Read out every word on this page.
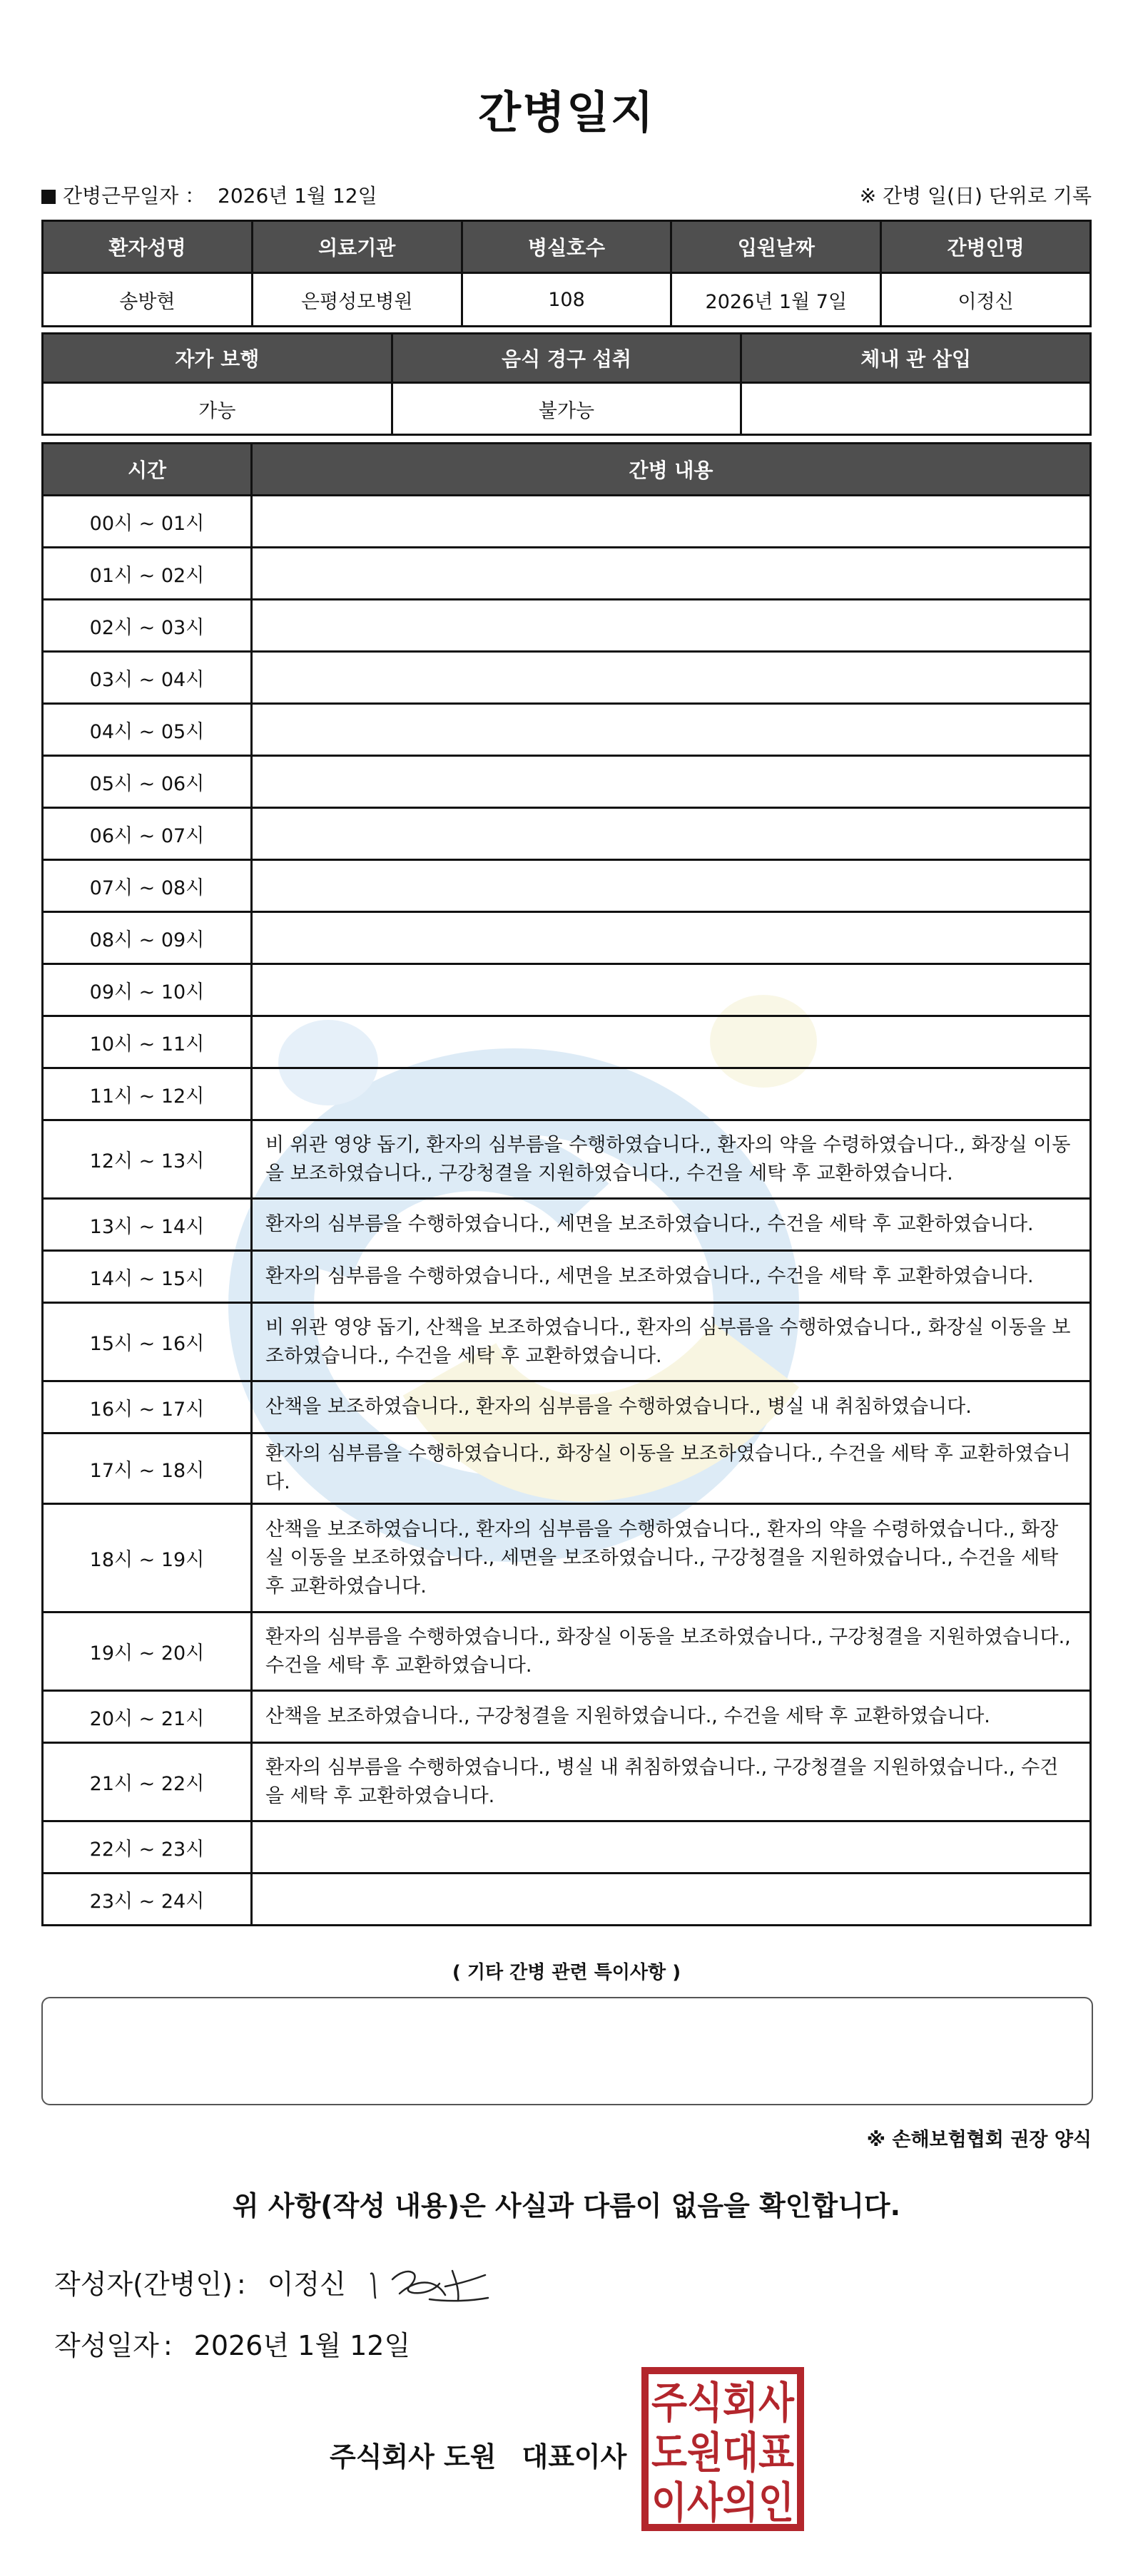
간병일지
간병근무일자 ： 2026년 1월 12일	※ 간병 일(日) 단위로 기록
환자성명	의료기관	병실호수	입원날짜	간병인명
송방현	은평성모병원	108	2026년 1월 7일	이정신
자가 보행	음식 경구 섭취	체내 관 삽입
가능	불가능	
시간	간병 내용
00시 ~ 01시	
01시 ~ 02시	
02시 ~ 03시	
03시 ~ 04시	
04시 ~ 05시	
05시 ~ 06시	
06시 ~ 07시	
07시 ~ 08시	
08시 ~ 09시	
09시 ~ 10시	
10시 ~ 11시	
11시 ~ 12시	
12시 ~ 13시	비 위관 영양 돕기, 환자의 심부름을 수행하였습니다., 환자의 약을 수령하였습니다., 화장실 이동을 보조하였습니다., 구강청결을 지원하였습니다., 수건을 세탁 후 교환하였습니다.
13시 ~ 14시	환자의 심부름을 수행하였습니다., 세면을 보조하였습니다., 수건을 세탁 후 교환하였습니다.
14시 ~ 15시	환자의 심부름을 수행하였습니다., 세면을 보조하였습니다., 수건을 세탁 후 교환하였습니다.
15시 ~ 16시	비 위관 영양 돕기, 산책을 보조하였습니다., 환자의 심부름을 수행하였습니다., 화장실 이동을 보조하였습니다., 수건을 세탁 후 교환하였습니다.
16시 ~ 17시	산책을 보조하였습니다., 환자의 심부름을 수행하였습니다., 병실 내 취침하였습니다.
17시 ~ 18시	환자의 심부름을 수행하였습니다., 화장실 이동을 보조하였습니다., 수건을 세탁 후 교환하였습니다.
18시 ~ 19시	산책을 보조하였습니다., 환자의 심부름을 수행하였습니다., 환자의 약을 수령하였습니다., 화장실 이동을 보조하였습니다., 세면을 보조하였습니다., 구강청결을 지원하였습니다., 수건을 세탁 후 교환하였습니다.
19시 ~ 20시	환자의 심부름을 수행하였습니다., 화장실 이동을 보조하였습니다., 구강청결을 지원하였습니다., 수건을 세탁 후 교환하였습니다.
20시 ~ 21시	산책을 보조하였습니다., 구강청결을 지원하였습니다., 수건을 세탁 후 교환하였습니다.
21시 ~ 22시	환자의 심부름을 수행하였습니다., 병실 내 취침하였습니다., 구강청결을 지원하였습니다., 수건을 세탁 후 교환하였습니다.
22시 ~ 23시	
23시 ~ 24시	
( 기타 간병 관련 특이사항 )
※ 손해보험협회 권장 양식
위 사항(작성 내용)은 사실과 다름이 없음을 확인합니다.
작성자(간병인) : 이정신
작성일자 : 2026년 1월 12일
주식회사 도원 대표이사
주식회사
도원대표
이사의인
